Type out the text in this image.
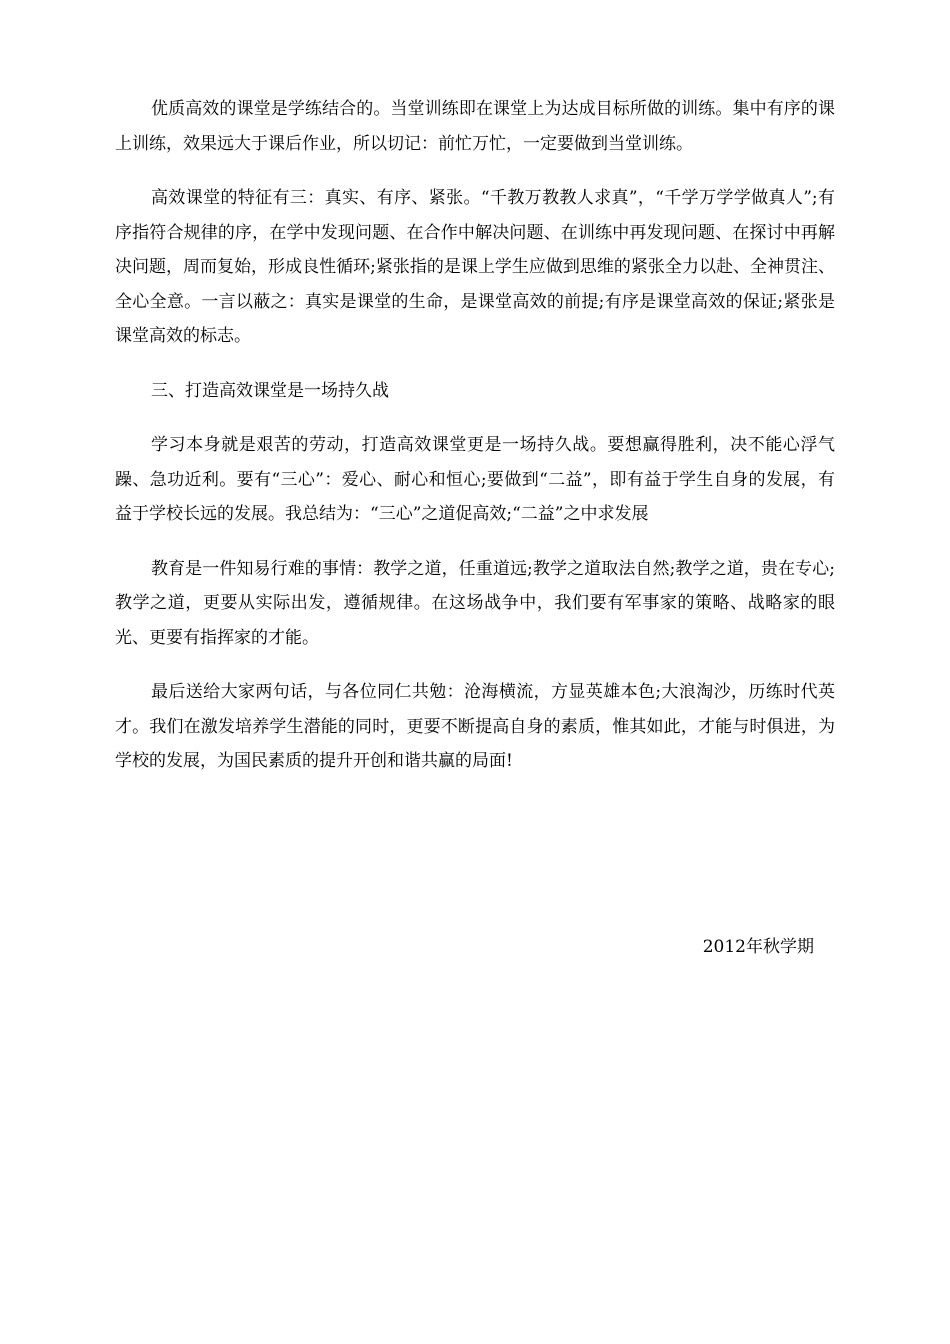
优质高效的课堂是学练结合的。当堂训练即在课堂上为达成目标所做的训练。集中有序的课上训练，效果远大于课后作业，所以切记：前忙万忙，一定要做到当堂训练。

高效课堂的特征有三：真实、有序、紧张。“千教万教教人求真”，“千学万学学做真人”;有序指符合规律的序，在学中发现问题、在合作中解决问题、在训练中再发现问题、在探讨中再解决问题，周而复始，形成良性循环;紧张指的是课上学生应做到思维的紧张全力以赴、全神贯注、全心全意。一言以蔽之：真实是课堂的生命，是课堂高效的前提;有序是课堂高效的保证;紧张是课堂高效的标志。

三、打造高效课堂是一场持久战

学习本身就是艰苦的劳动，打造高效课堂更是一场持久战。要想赢得胜利，决不能心浮气躁、急功近利。要有“三心”：爱心、耐心和恒心;要做到“二益”，即有益于学生自身的发展，有益于学校长远的发展。我总结为：“三心”之道促高效;“二益”之中求发展

教育是一件知易行难的事情：教学之道，任重道远;教学之道取法自然;教学之道，贵在专心;教学之道，更要从实际出发，遵循规律。在这场战争中，我们要有军事家的策略、战略家的眼光、更要有指挥家的才能。

最后送给大家两句话，与各位同仁共勉：沧海横流，方显英雄本色;大浪淘沙，历练时代英才。我们在激发培养学生潜能的同时，更要不断提高自身的素质，惟其如此，才能与时俱进，为学校的发展，为国民素质的提升开创和谐共赢的局面!

2012年秋学期
